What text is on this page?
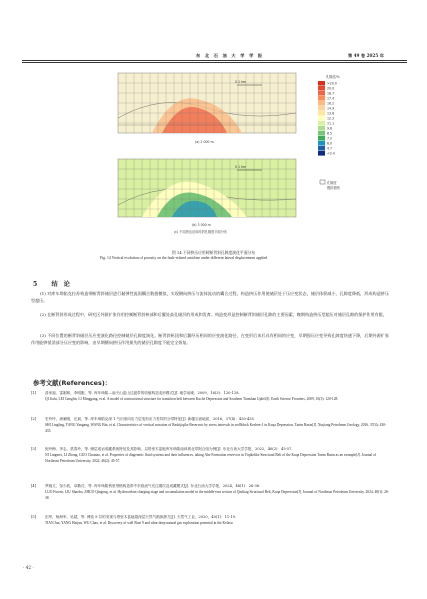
东 北 石 油 大 学 学 报	第 49 卷 2025 年
0 1 km
(a) 2 000 m
0 1 km
(b) 3 000 m
(c) 不同挤压应用时的孔隙度平面分布
孔隙度/%
>20.0
20.0
18.7
17.4
16.2
14.9
13.6
12.3
11.1
9.8
8.5
7.2
6.0
4.7
<3.4
孔隙度
模拟格网
图 14 不同挤压应用时断背斜孔隙度演化平面分布
Fig. 14 Vertical evolution of porosity on the fault-related anticline under different lateral displacement applied
5 结论
(1) 对库车坳陷克拉苏构造带断背斜储层进行黏弹性流固耦合数值模拟，实现侧向挤压与流体流动的耦合过程，构造挤压作用使储层处于压应变状态，储层体积减小，孔隙度降低，形成构造挤压型超压。
(2) 在断背斜形成过程中，研究区外源扩张作用控制断背斜核部和后翼处高孔储层的形成和发育。构造变形是控制断背斜储层孔隙的主要因素，晚期构造挤压型超压对储层孔隙的保护作用有限。
(3) 不同位置的断背斜储层压应变演化路径控制储层孔隙度演化。断背斜枢纽和后翼经历相同的应变演化路径，在变形后来后具有相同的应变，早期强压应变导致孔隙度快速下降，后期外源扩张作用能够抵消部分压应变的影响，由早期侧向挤压作用损失的储层孔隙度不能完全恢复。
参考文献(References)：
[1] 漆家福，雷刚林，李明刚，等. 库车坳陷—南天山盆山过渡带的收缩构造变形模式[J]. 地学前缘，2009，16(3)：120-128.
QI Jiafu, LEI Ganglin, LI Minggang, et al. A model of contractional structure for transition belt between Kuche Depression and Southern Tianshan Uplift[J]. Earth Science Frontiers, 2009, 16(3): 120-128.
[2] 史玲玲，唐雁刚，汪斌，等. 库车坳陷克深 1 气田垂向应力层变形应力差异的分带特征[J]. 新疆石油地质，2016，37(4)：430-435.
SHI Lingling, TANG Yangang, WANG Bin, et al. Characteristics of vertical zonation of Bashijiqike Reservoir by stress intervals in wellblock Keshen-1 in Kuqa Depression, Tarim Basin[J]. Xinjiang Petroleum Geology, 2016, 37(4): 430-435.
[3] 倪玲梅，李志，蔡春玲，等. 储层成岩成藏系统特征及其影响，以塔里木盆地库车坳陷南斜坡北带阿合组为例[J]. 东北石油大学学报，2022，46(2)：45-57.
NI Lingmei, LI Zhong, GUO Chuntao, et al. Properties of diagenetic fluid systems and their influences, taking Ahe Formation reservoir in Yiqikelike Structural Belt of the Kuqa Depression Tarim Basin as an example[J]. Journal of Northeast Petroleum University, 2022, 46(2): 45-57.
[4] 罗晓文，邹少波，卓勤功，等. 库车坳陷秋里塔格构造带中东段油气充注期次及成藏模式[J]. 东北石油大学学报，2024，48(1)：26-38.
LUO Fuwen, LIU Shaobo, ZHUO Qingong, et al. Hydrocarbon charging stage and accumulation model in the middle-east section of Qiulitag Structural Belt, Kuqa Depression[J]. Journal of Northeast Petroleum University, 2024, 48(1): 26-38.
[5] 田军，杨海军，吴超，等. 博孜 9 井的发现与塔里木盆地超深层天然气勘探潜力[J]. 天然气工业，2020，40(1)：11-19.
TIAN Jun, YANG Haijun, WU Chao, et al. Discovery of well Bozi 9 and ultra-deep natural gas exploration potential in the Kelasu
· 42 ·
